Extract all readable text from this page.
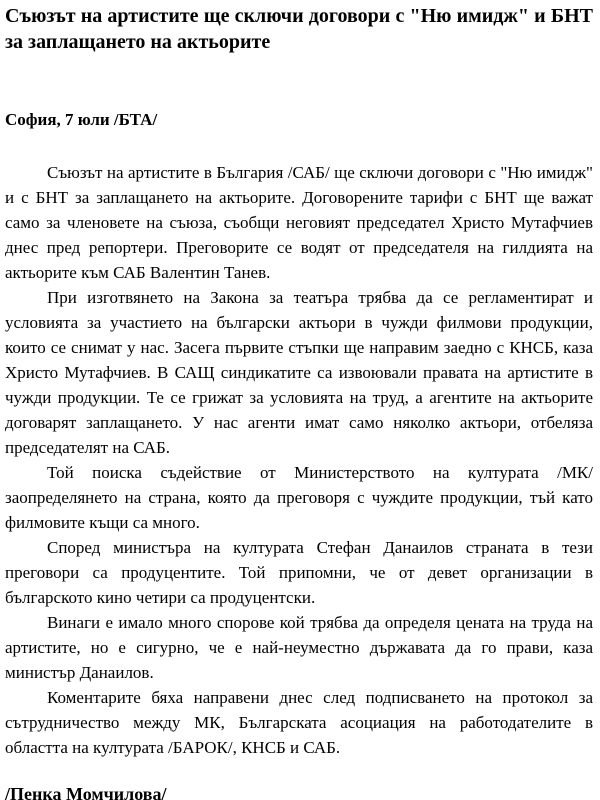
Съюзът на артистите ще сключи договори с "Ню имидж" и БНТ за заплащането на актьорите
София, 7 юли /БТА/

Съюзът на артистите в България /САБ/ ще сключи договори с "Ню имидж" и с БНТ за заплащането на актьорите. Договорените тарифи с БНТ ще важат само за членовете на съюза, съобщи неговият председател Христо Мутафчиев днес пред репортери. Преговорите се водят от председателя на гилдията на актьорите към САБ Валентин Танев.

При изготвянето на Закона за театъра трябва да се регламентират и условията за участието на български актьори в чужди филмови продукции, които се снимат у нас. Засега първите стъпки ще направим заедно с КНСБ, каза Христо Мутафчиев. В САЩ синдикатите са извоювали правата на артистите в чужди продукции. Те се грижат за условията на труд, а агентите на актьорите договарят заплащането. У нас агенти имат само няколко актьори, отбеляза председателят на САБ.

Той поиска съдействие от Министерството на културата /МК/ заопределянето на страна, която да преговоря с чуждите продукции, тъй като филмовите къщи са много.

Според министъра на културата Стефан Данаилов страната в тези преговори са продуцентите. Той припомни, че от девет организации в българското кино четири са продуцентски.

Винаги е имало много спорове кой трябва да определя цената на труда на артистите, но е сигурно, че е най-неуместно държавата да го прави, каза министър Данаилов.

Коментарите бяха направени днес след подписването на протокол за сътрудничество между МК, Българската асоциация на работодателите в областта на културата /БАРОК/, КНСБ и САБ.

/Пенка Момчилова/
